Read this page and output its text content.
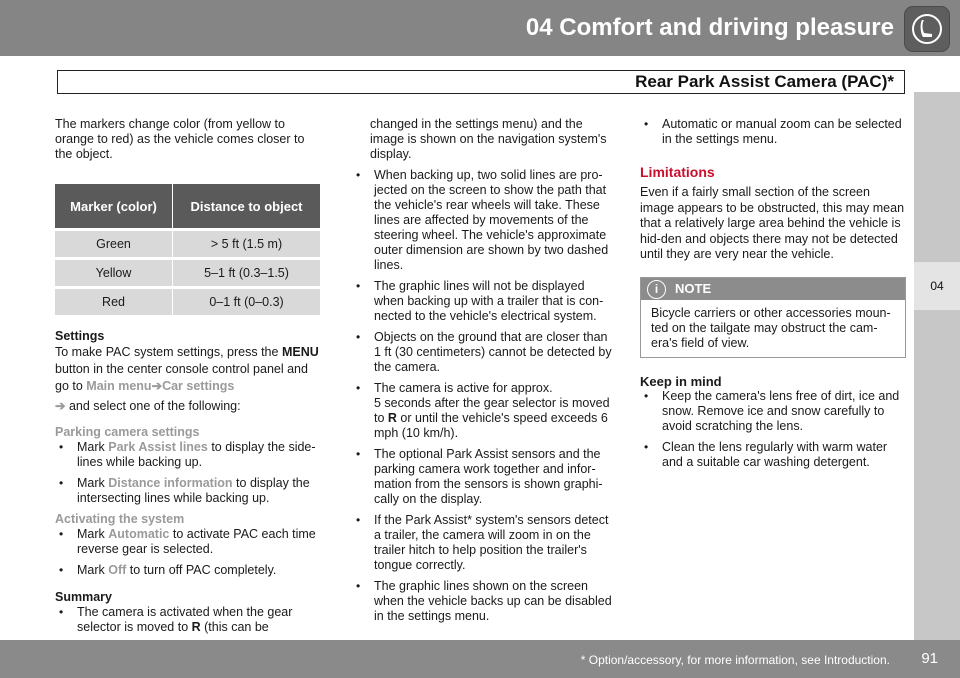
04 Comfort and driving pleasure
Rear Park Assist Camera (PAC)*
04

The markers change color (from yellow to orange to red) as the vehicle comes closer to the object.

Marker (color)	Distance to object
Green	> 5 ft (1.5 m)
Yellow	5–1 ft (0.3–1.5)
Red	0–1 ft (0–0.3)

Settings

To make PAC system settings, press the MENU button in the center console control panel and go to Main menu➔Car settings

➔ and select one of the following:

Parking camera settings

• Mark Park Assist lines to display the side-lines while backing up.
• Mark Distance information to display the intersecting lines while backing up.

Activating the system

• Mark Automatic to activate PAC each time reverse gear is selected.
• Mark Off to turn off PAC completely.

Summary

• The camera is activated when the gear selector is moved to R (this can be

changed in the settings menu) and the image is shown on the navigation system's display.

• When backing up, two solid lines are pro-jected on the screen to show the path that the vehicle's rear wheels will take. These lines are affected by movements of the steering wheel. The vehicle's approximate outer dimension are shown by two dashed lines.
• The graphic lines will not be displayed when backing up with a trailer that is con-nected to the vehicle's electrical system.
• Objects on the ground that are closer than 1 ft (30 centimeters) cannot be detected by the camera.
• The camera is active for approx.
5 seconds after the gear selector is moved to R or until the vehicle's speed exceeds 6 mph (10 km/h).
• The optional Park Assist sensors and the parking camera work together and infor-mation from the sensors is shown graphi-cally on the display.
• If the Park Assist* system's sensors detect a trailer, the camera will zoom in on the trailer hitch to help position the trailer's tongue correctly.
• The graphic lines shown on the screen when the vehicle backs up can be disabled in the settings menu.
• Automatic or manual zoom can be selected in the settings menu.

Limitations

Even if a fairly small section of the screen image appears to be obstructed, this may mean that a relatively large area behind the vehicle is hid-den and objects there may not be detected until they are very near the vehicle.

i	NOTE
Bicycle carriers or other accessories moun-ted on the tailgate may obstruct the cam-era's field of view.

Keep in mind

• Keep the camera's lens free of dirt, ice and snow. Remove ice and snow carefully to avoid scratching the lens.
• Clean the lens regularly with warm water and a suitable car washing detergent.
* Option/accessory, for more information, see Introduction. 91
